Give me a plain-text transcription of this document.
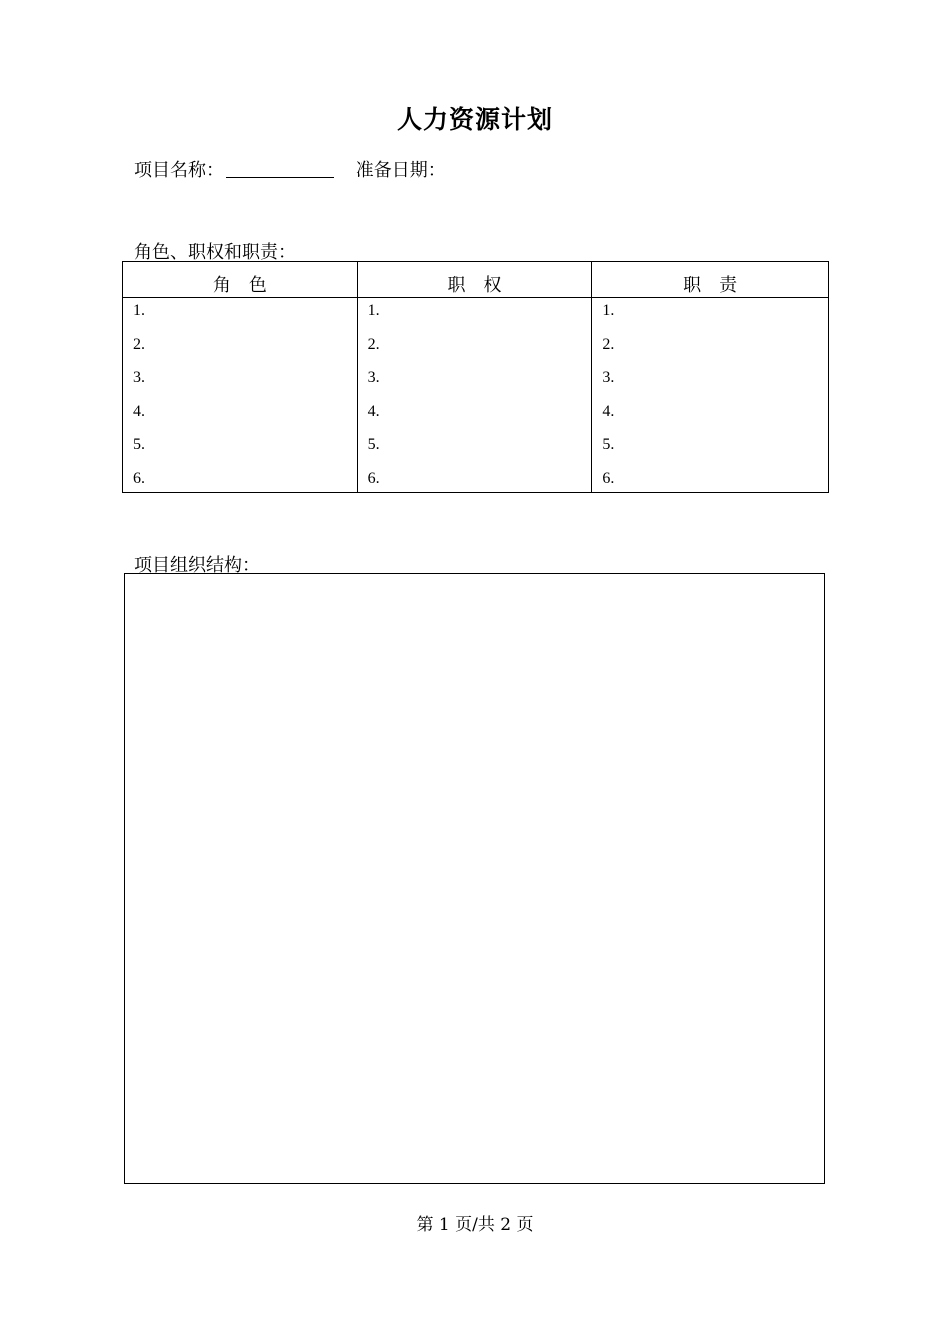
人力资源计划
项目名称：	准备日期：
角色、职权和职责：
角　色	职　权	职　责
1.	1.	1.
2.	2.	2.
3.	3.	3.
4.	4.	4.
5.	5.	5.
6.	6.	6.
项目组织结构：
第 1 页/共 2 页
